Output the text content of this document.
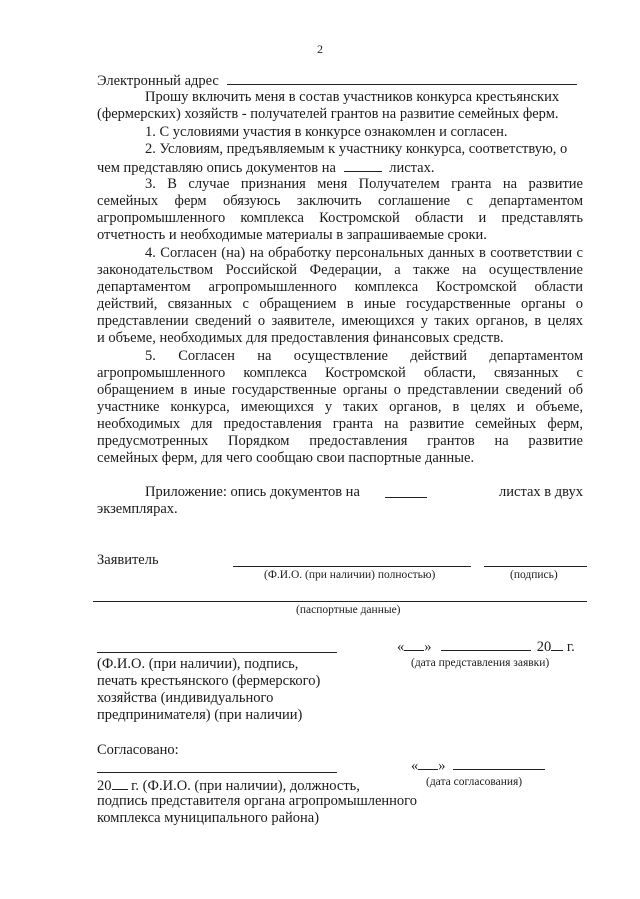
2
Электронный адрес
Прошу включить меня в состав участников конкурса крестьянских
(фермерских) хозяйств - получателей грантов на развитие семейных ферм.
1. С условиями участия в конкурсе ознакомлен и согласен.
2. Условиям, предъявляемым к участнику конкурса, соответствую, о
чем представляю опись документов на	листах.
3. В случае признания меня Получателем гранта на развитие
семейных ферм обязуюсь заключить соглашение с департаментом
агропромышленного комплекса Костромской области и представлять
отчетность и необходимые материалы в запрашиваемые сроки.
4. Согласен (на) на обработку персональных данных в соответствии с
законодательством Российской Федерации, а также на осуществление
департаментом агропромышленного комплекса Костромской области
действий, связанных с обращением в иные государственные органы о
представлении сведений о заявителе, имеющихся у таких органов, в целях
и объеме, необходимых для предоставления финансовых средств.
5. Согласен на осуществление действий департаментом
агропромышленного комплекса Костромской области, связанных с
обращением в иные государственные органы о представлении сведений об
участнике конкурса, имеющихся у таких органов, в целях и объеме,
необходимых для предоставления гранта на развитие семейных ферм,
предусмотренных Порядком предоставления грантов на развитие
семейных ферм, для чего сообщаю свои паспортные данные.
Приложение: опись документов на	листах в двух
экземплярах.
Заявитель
(Ф.И.О. (при наличии) полностью)	(подпись)
(паспортные данные)
« »	20 г.
(Ф.И.О. (при наличии), подпись,	(дата представления заявки)
печать крестьянского (фермерского)
хозяйства (индивидуального
предпринимателя) (при наличии)
Согласовано:
« »
20 г. (Ф.И.О. (при наличии), должность,	(дата согласования)
подпись представителя органа агропромышленного
комплекса муниципального района)
